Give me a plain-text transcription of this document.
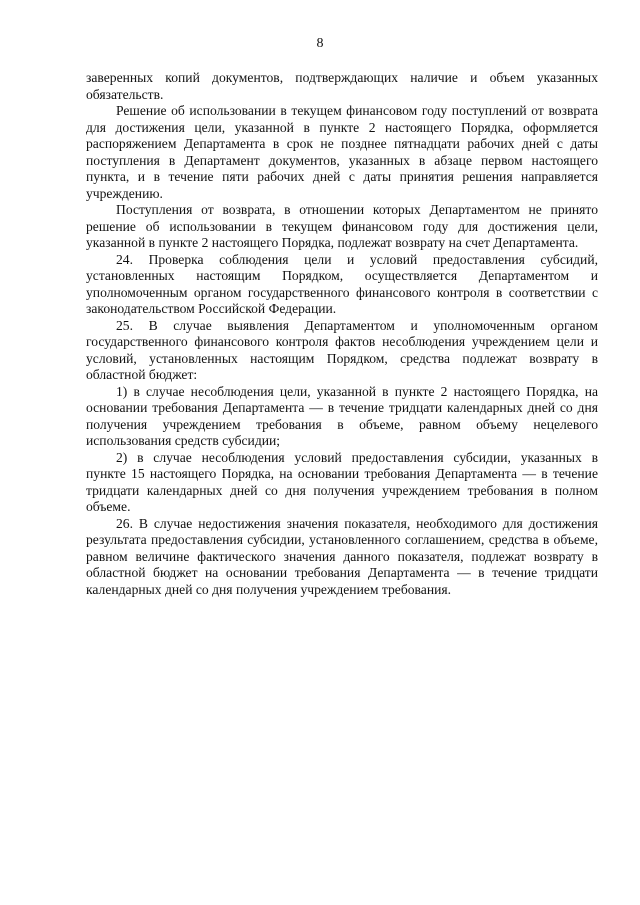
8
заверенных копий документов, подтверждающих наличие и объем указанных
обязательств.
Решение об использовании в текущем финансовом году поступлений от возврата
для достижения цели, указанной в пункте 2 настоящего Порядка, оформляется
распоряжением Департамента в срок не позднее пятнадцати рабочих дней с даты
поступления в Департамент документов, указанных в абзаце первом настоящего
пункта, и в течение пяти рабочих дней с даты принятия решения направляется
учреждению.
Поступления от возврата, в отношении которых Департаментом не принято
решение об использовании в текущем финансовом году для достижения цели,
указанной в пункте 2 настоящего Порядка, подлежат возврату на счет Департамента.
24. Проверка соблюдения цели и условий предоставления субсидий,
установленных настоящим Порядком, осуществляется Департаментом и
уполномоченным органом государственного финансового контроля в соответствии с
законодательством Российской Федерации.
25. В случае выявления Департаментом и уполномоченным органом
государственного финансового контроля фактов несоблюдения учреждением цели и
условий, установленных настоящим Порядком, средства подлежат возврату в
областной бюджет:
1) в случае несоблюдения цели, указанной в пункте 2 настоящего Порядка, на
основании требования Департамента — в течение тридцати календарных дней со дня
получения учреждением требования в объеме, равном объему нецелевого
использования средств субсидии;
2) в случае несоблюдения условий предоставления субсидии, указанных в
пункте 15 настоящего Порядка, на основании требования Департамента — в течение
тридцати календарных дней со дня получения учреждением требования в полном
объеме.
26. В случае недостижения значения показателя, необходимого для достижения
результата предоставления субсидии, установленного соглашением, средства в объеме,
равном величине фактического значения данного показателя, подлежат возврату в
областной бюджет на основании требования Департамента — в течение тридцати
календарных дней со дня получения учреждением требования.
